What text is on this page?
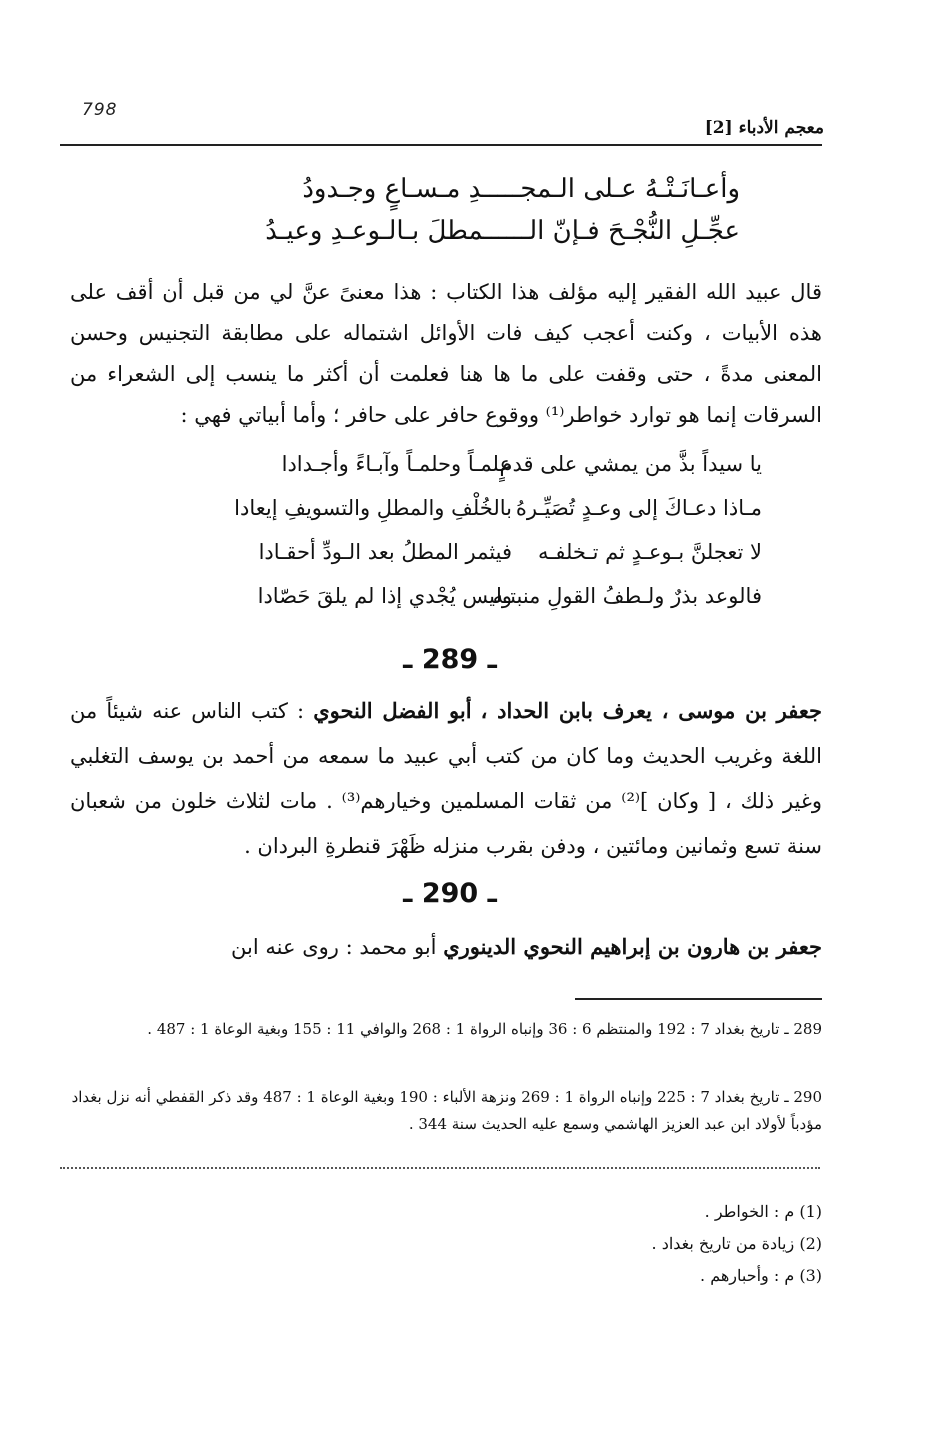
798
معجم الأدباء [2]
وأعـانَـتْـهُ عـلى الـمجـــــدِ مـسـاعٍ وجـدودُ
عجِّـلِ النُّجْـحَ فـإنّ الــــــمطلَ بـالـوعـدِ وعيـدُ
قال عبيد الله الفقير إليه مؤلف هذا الكتاب : هذا معنىً عنَّ لي من قبل أن أقف على هذه الأبيات ، وكنت أعجب كيف فات الأوائل اشتماله على مطابقة التجنيس وحسن المعنى مدةً ، حتى وقفت على ما ها هنا فعلمت أن أكثر ما ينسب إلى الشعراء من السرقات إنما هو توارد خواطر⁽¹⁾ ووقوع حافر على حافر ؛ وأما أبياتي فهي :
يا سيداً بذَّ من يمشي على قدمٍ
علمـاً وحلمـاً وآبـاءً وأجـدادا
مـاذا دعـاكَ إلى وعـدٍ تُصَيِّـرهُ
بالخُلْفِ والمطلِ والتسويفِ إيعادا
لا تعجلنَّ بـوعـدٍ ثم تـخلفـه
فيثمر المطلُ بعد الـودِّ أحقـادا
فالوعد بذرٌ ولـطفُ القولِ منبتـه
وليس يُجْدي إذا لم يلقَ حَصّادا
ـ 289 ـ
جعفر بن موسى ، يعرف بابن الحداد ، أبو الفضل النحوي : كتب الناس عنه شيئاً من اللغة وغريب الحديث وما كان من كتب أبي عبيد ما سمعه من أحمد بن يوسف التغلبي وغير ذلك ، [ وكان ]⁽²⁾ من ثقات المسلمين وخيارهم⁽³⁾ . مات لثلاث خلون من شعبان سنة تسع وثمانين ومائتين ، ودفن بقرب منزله ظَهْرَ قنطرةِ البردان .
ـ 290 ـ
جعفر بن هارون بن إبراهيم النحوي الدينوري أبو محمد : روى عنه ابن
289 ـ تاريخ بغداد 7 : 192 والمنتظم 6 : 36 وإنباه الرواة 1 : 268 والوافي 11 : 155 وبغية الوعاة 1 : 487 .
290 ـ تاريخ بغداد 7 : 225 وإنباه الرواة 1 : 269 ونزهة الألباء : 190 وبغية الوعاة 1 : 487 وقد ذكر القفطي أنه نزل بغداد مؤدباً لأولاد ابن عبد العزيز الهاشمي وسمع عليه الحديث سنة 344 .
(1) م : الخواطر .
(2) زيادة من تاريخ بغداد .
(3) م : وأحبارهم .
